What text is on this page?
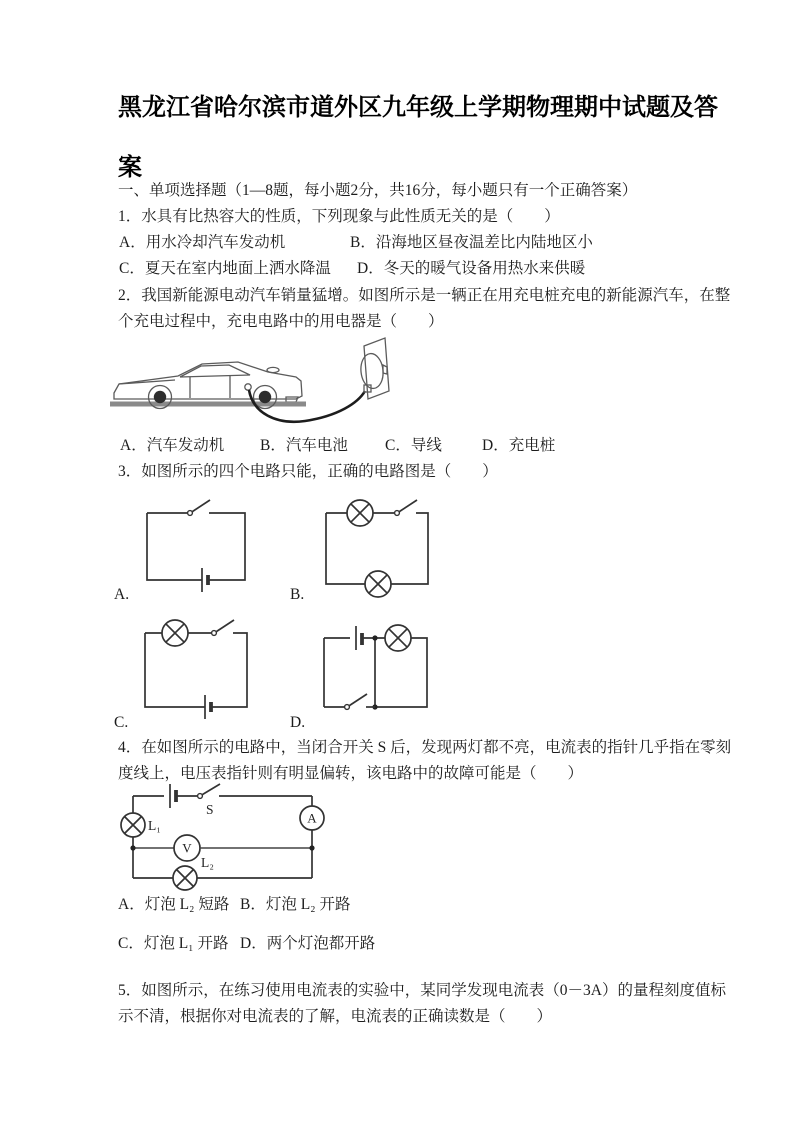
黑龙江省哈尔滨市道外区九年级上学期物理期中试题及答
案
一、单项选择题（1—8题，每小题2分，共16分，每小题只有一个正确答案）
1．水具有比热容大的性质，下列现象与此性质无关的是（　　）
A．用水冷却汽车发动机	B．沿海地区昼夜温差比内陆地区小
C．夏天在室内地面上洒水降温 D．冬天的暖气设备用热水来供暖
2．我国新能源电动汽车销量猛增。如图所示是一辆正在用充电桩充电的新能源汽车，在整
个充电过程中，充电电路中的用电器是（　　）
A．汽车发动机 B．汽车电池 C．导线	D．充电桩
3．如图所示的四个电路只能，正确的电路图是（　　）
A.	B.
C.	D.
4．在如图所示的电路中，当闭合开关 S 后，发现两灯都不亮，电流表的指针几乎指在零刻
度线上，电压表指针则有明显偏转，该电路中的故障可能是（　　）
S
L₁	A
V
L₂
A．灯泡 L₂ 短路 B．灯泡 L₂ 开路
C．灯泡 L₁ 开路 D．两个灯泡都开路
5．如图所示，在练习使用电流表的实验中，某同学发现电流表（0－3A）的量程刻度值标
示不清，根据你对电流表的了解，电流表的正确读数是（　　）
